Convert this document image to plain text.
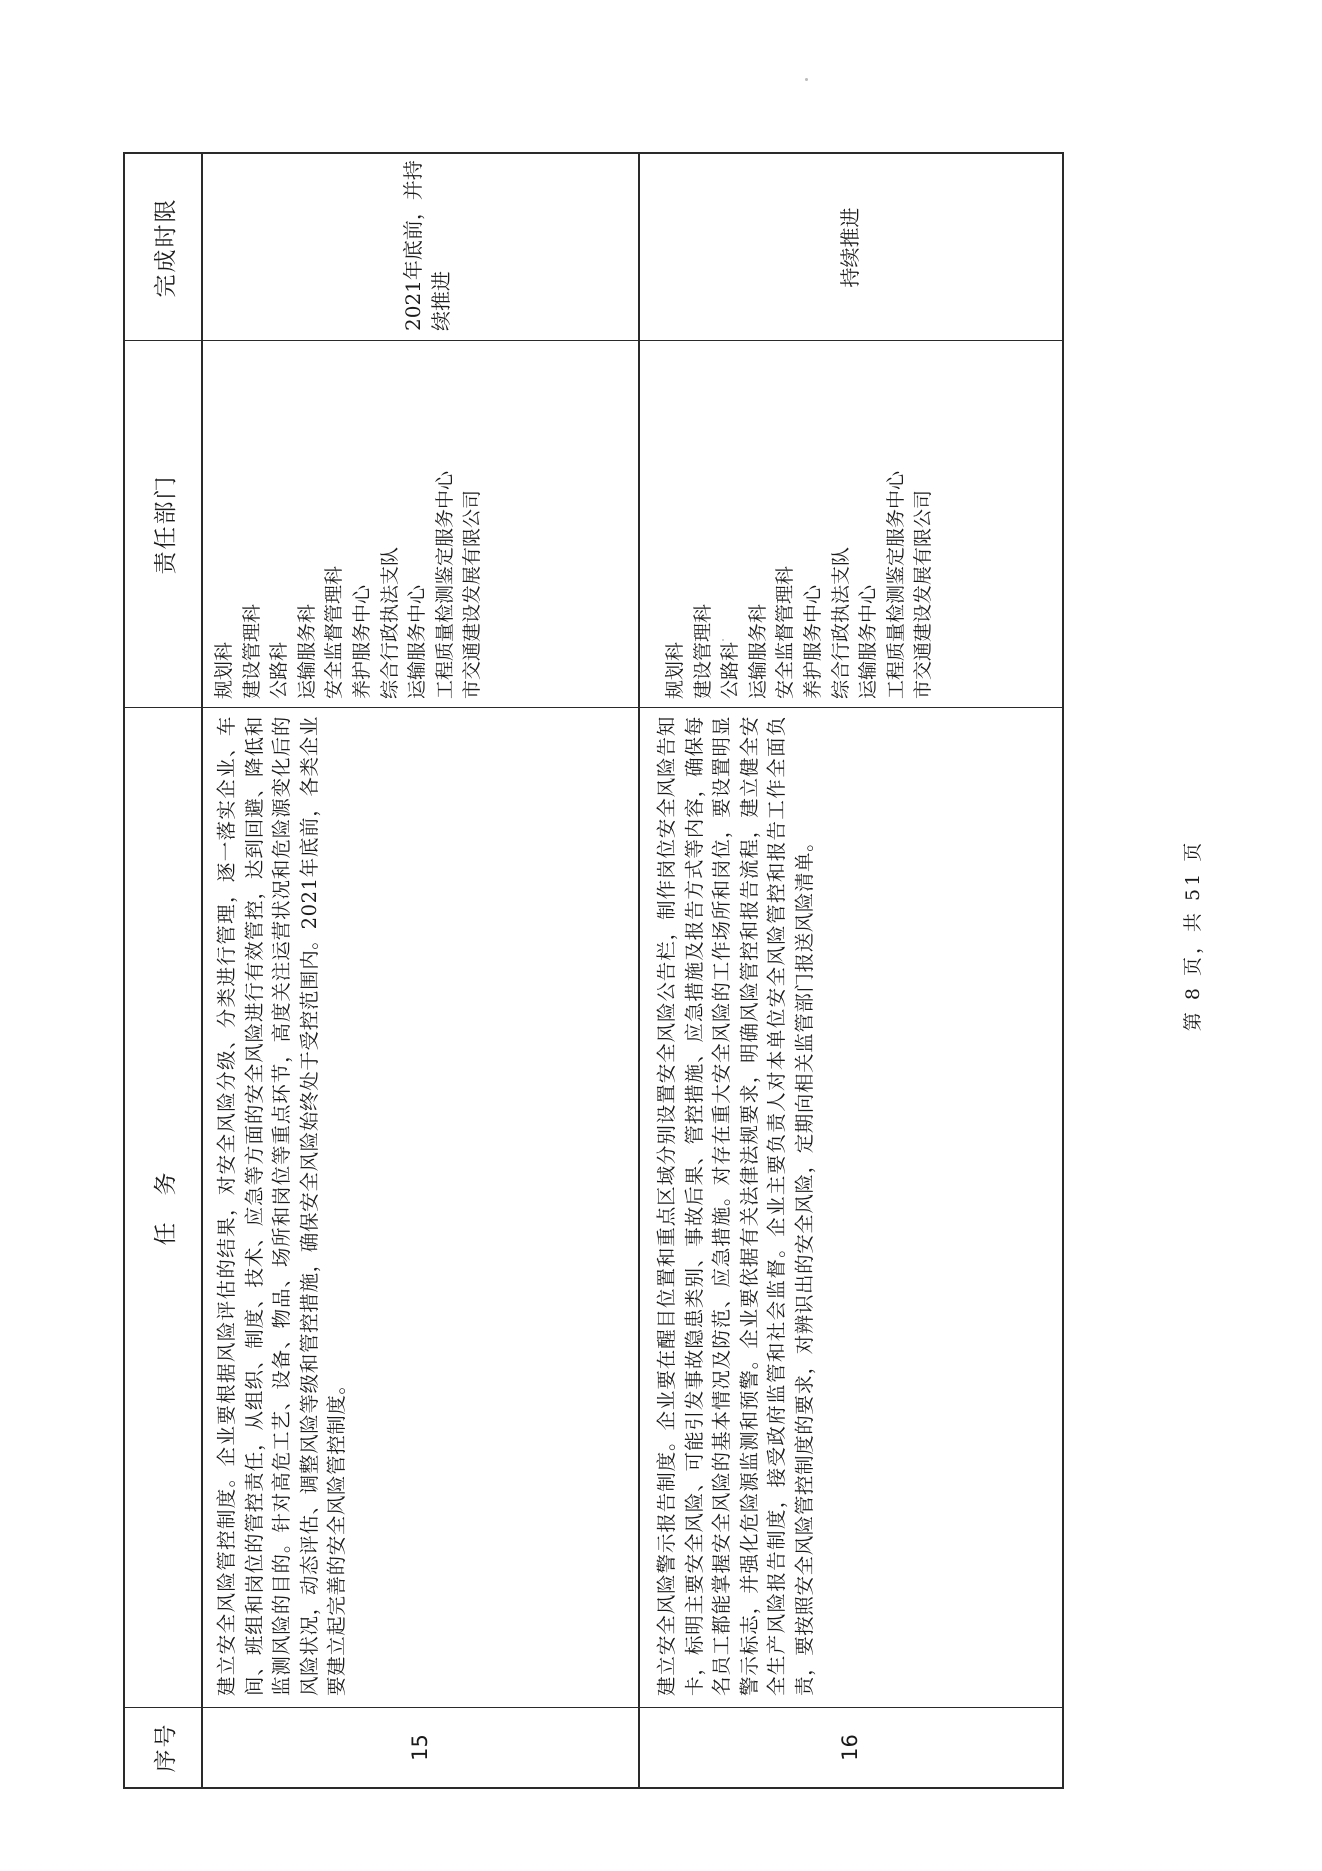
序号
任　务
责任部门
完成时限
15
建立安全风险管控制度。企业要根据风险评估的结果，对安全风险分级、分类进行管理，逐一落实企业、车间、班组和岗位的管控责任，从组织、制度、技术、应急等方面的安全风险进行有效管控，达到回避、降低和监测风险的目的。针对高危工艺、设备、物品、场所和岗位等重点环节，高度关注运营状况和危险源变化后的风险状况，动态评估、调整风险等级和管控措施，确保安全风险始终处于受控范围内。2021年底前，各类企业要建立起完善的安全风险管控制度。
规划科 建设管理科 公路科 运输服务科 安全监督管理科 养护服务中心 综合行政执法支队 运输服务中心 工程质量检测鉴定服务中心 市交通建设发展有限公司
2021年底前，并持续推进
16
建立安全风险警示报告制度。企业要在醒目位置和重点区域分别设置安全风险公告栏，制作岗位安全风险告知卡，标明主要安全风险、可能引发事故隐患类别、事故后果、管控措施、应急措施及报告方式等内容，确保每名员工都能掌握安全风险的基本情况及防范、应急措施。对存在重大安全风险的工作场所和岗位，要设置明显警示标志，并强化危险源监测和预警。企业要依据有关法律法规要求，明确风险管控和报告流程，建立健全安全生产风险报告制度，接受政府监管和社会监督。企业主要负责人对本单位安全风险管控和报告工作全面负责，要按照安全风险管控制度的要求，对辨识出的安全风险，定期向相关监管部门报送风险清单。
规划科 建设管理科 公路科 运输服务科 安全监督管理科 养护服务中心 综合行政执法支队 运输服务中心 工程质量检测鉴定服务中心 市交通建设发展有限公司
持续推进
第 8 页，共 51 页
